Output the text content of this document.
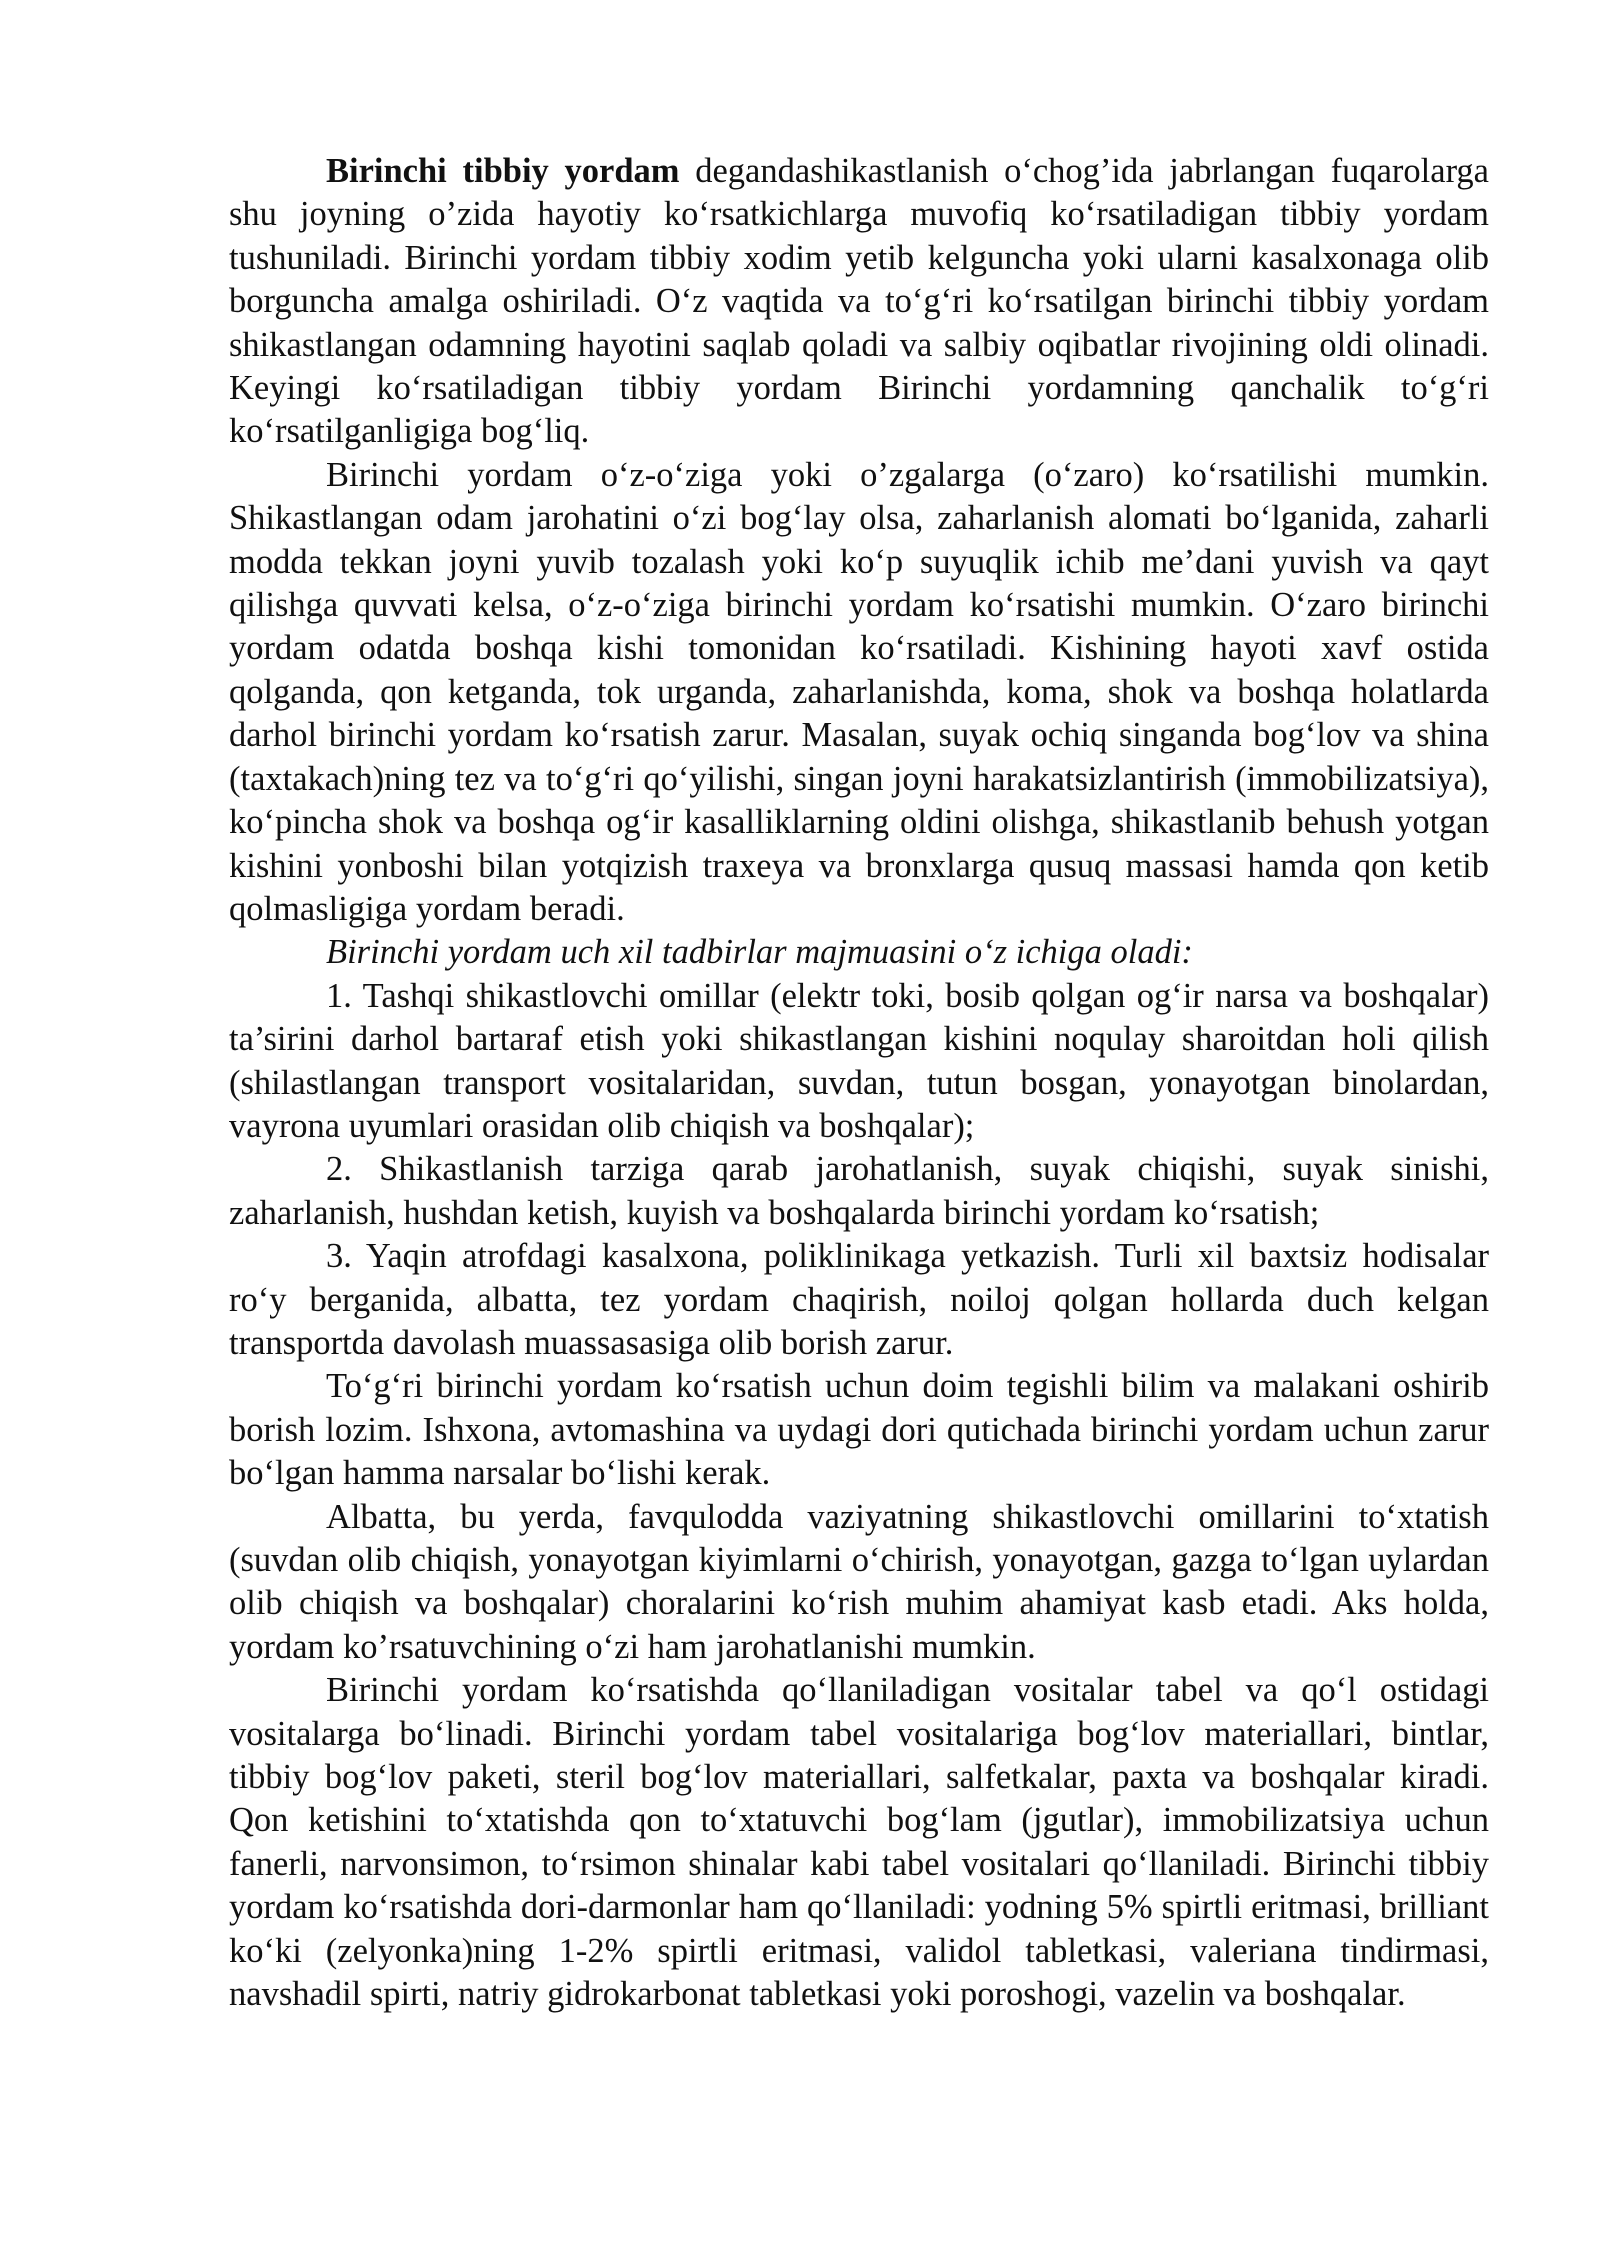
Birinchi tibbiy yordam degandashikastlanish o‘chog’ida jabrlangan fuqarolarga shu joyning o’zida hayotiy ko‘rsatkichlarga muvofiq ko‘rsatiladigan tibbiy yordam tushuniladi. Birinchi yordam tibbiy xodim yetib kelguncha yoki ularni kasalxonaga olib borguncha amalga oshiriladi. O‘z vaqtida va to‘g‘ri ko‘rsatilgan birinchi tibbiy yordam shikastlangan odamning hayotini saqlab qoladi va salbiy oqibatlar rivojining oldi olinadi. Keyingi ko‘rsatiladigan tibbiy yordam Birinchi yordamning qanchalik to‘g‘ri ko‘rsatilganligiga bog‘liq.

Birinchi yordam o‘z-o‘ziga yoki o’zgalarga (o‘zaro) ko‘rsatilishi mumkin. Shikastlangan odam jarohatini o‘zi bog‘lay olsa, zaharlanish alomati bo‘lganida, zaharli modda tekkan joyni yuvib tozalash yoki ko‘p suyuqlik ichib me’dani yuvish va qayt qilishga quvvati kelsa, o‘z-o‘ziga birinchi yordam ko‘rsatishi mumkin. O‘zaro birinchi yordam odatda boshqa kishi tomonidan ko‘rsatiladi. Kishining hayoti xavf ostida qolganda, qon ketganda, tok urganda, zaharlanishda, koma, shok va boshqa holatlarda darhol birinchi yordam ko‘rsatish zarur. Masalan, suyak ochiq singanda bog‘lov va shina (taxtakach)ning tez va to‘g‘ri qo‘yilishi, singan joyni harakatsizlantirish (immobilizatsiya), ko‘pincha shok va boshqa og‘ir kasalliklarning oldini olishga, shikastlanib behush yotgan kishini yonboshi bilan yotqizish traxeya va bronxlarga qusuq massasi hamda qon ketib qolmasligiga yordam beradi.

Birinchi yordam uch xil tadbirlar majmuasini o‘z ichiga oladi:

1. Tashqi shikastlovchi omillar (elektr toki, bosib qolgan og‘ir narsa va boshqalar) ta’sirini darhol bartaraf etish yoki shikastlangan kishini noqulay sharoitdan holi qilish (shilastlangan transport vositalaridan, suvdan, tutun bosgan, yonayotgan binolardan, vayrona uyumlari orasidan olib chiqish va boshqalar);

2. Shikastlanish tarziga qarab jarohatlanish, suyak chiqishi, suyak sinishi, zaharlanish, hushdan ketish, kuyish va boshqalarda birinchi yordam ko‘rsatish;

3. Yaqin atrofdagi kasalxona, poliklinikaga yetkazish. Turli xil baxtsiz hodisalar ro‘y berganida, albatta, tez yordam chaqirish, noiloj qolgan hollarda duch kelgan transportda davolash muassasasiga olib borish zarur.

To‘g‘ri birinchi yordam ko‘rsatish uchun doim tegishli bilim va malakani oshirib borish lozim. Ishxona, avtomashina va uydagi dori qutichada birinchi yordam uchun zarur bo‘lgan hamma narsalar bo‘lishi kerak.

Albatta, bu yerda, favqulodda vaziyatning shikastlovchi omillarini to‘xtatish (suvdan olib chiqish, yonayotgan kiyimlarni o‘chirish, yonayotgan, gazga to‘lgan uylardan olib chiqish va boshqalar) choralarini ko‘rish muhim ahamiyat kasb etadi. Aks holda, yordam ko’rsatuvchining o‘zi ham jarohatlanishi mumkin.

Birinchi yordam ko‘rsatishda qo‘llaniladigan vositalar tabel va qo‘l ostidagi vositalarga bo‘linadi. Birinchi yordam tabel vositalariga bog‘lov materiallari, bintlar, tibbiy bog‘lov paketi, steril bog‘lov materiallari, salfetkalar, paxta va boshqalar kiradi. Qon ketishini to‘xtatishda qon to‘xtatuvchi bog‘lam (jgutlar), immobilizatsiya uchun fanerli, narvonsimon, to‘rsimon shinalar kabi tabel vositalari qo‘llaniladi. Birinchi tibbiy yordam ko‘rsatishda dori-darmonlar ham qo‘llaniladi: yodning 5% spirtli eritmasi, brilliant ko‘ki (zelyonka)ning 1-2% spirtli eritmasi, validol tabletkasi, valeriana tindirmasi, navshadil spirti, natriy gidrokarbonat tabletkasi yoki poroshogi, vazelin va boshqalar.
